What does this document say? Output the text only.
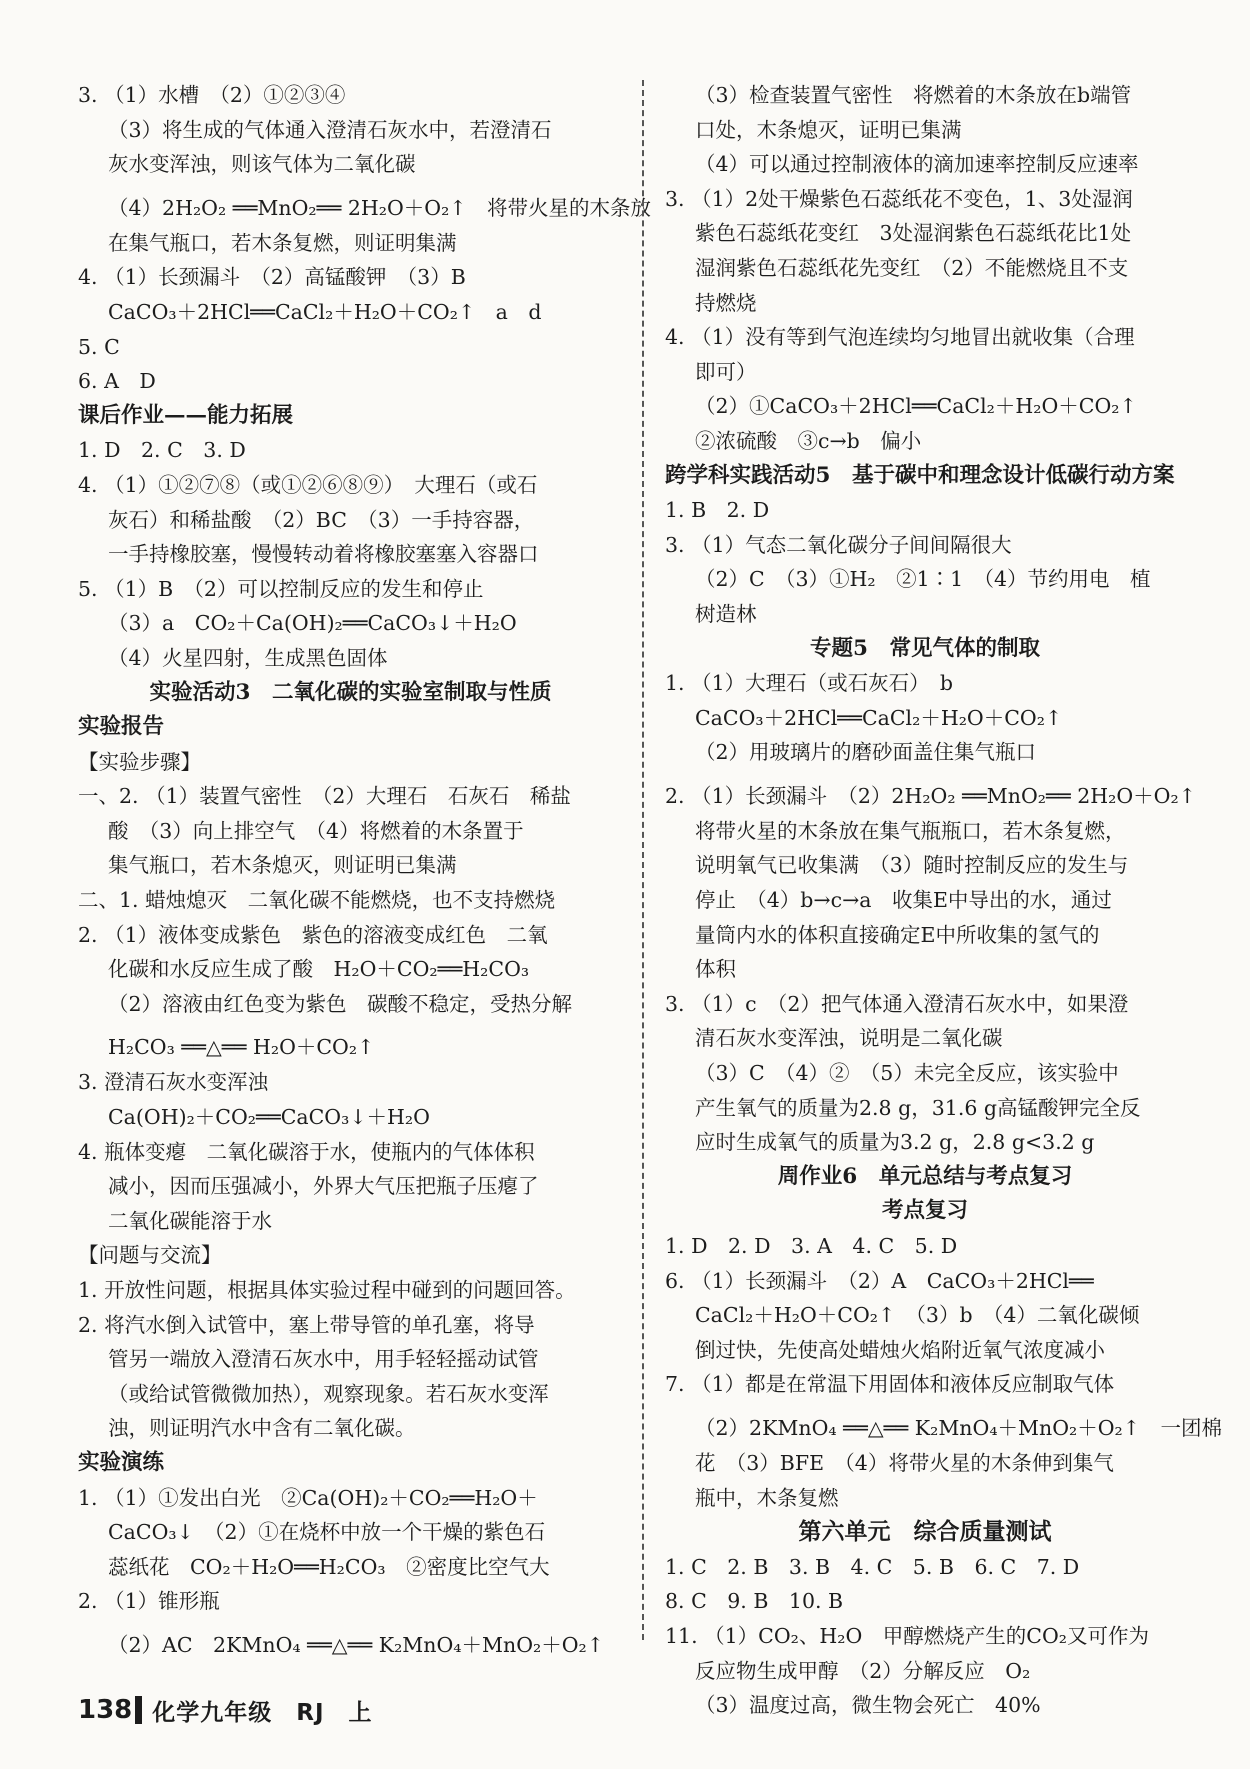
3. （1）水槽　（2）①②③④
（3）将生成的气体通入澄清石灰水中，若澄清石
灰水变浑浊，则该气体为二氧化碳
（4）2H₂O₂ ══MnO₂══ 2H₂O＋O₂↑　将带火星的木条放
在集气瓶口，若木条复燃，则证明集满
4. （1）长颈漏斗　（2）高锰酸钾　（3）B
CaCO₃＋2HCl══CaCl₂＋H₂O＋CO₂↑　a　d
5. C
6. A　D
课后作业——能力拓展
1. D　2. C　3. D
4. （1）①②⑦⑧（或①②⑥⑧⑨）　大理石（或石
灰石）和稀盐酸　（2）BC　（3）一手持容器，
一手持橡胶塞，慢慢转动着将橡胶塞塞入容器口
5. （1）B　（2）可以控制反应的发生和停止
（3）a　CO₂＋Ca(OH)₂══CaCO₃↓＋H₂O
（4）火星四射，生成黑色固体
实验活动3　二氧化碳的实验室制取与性质
实验报告
【实验步骤】
一、2. （1）装置气密性　（2）大理石　石灰石　稀盐
酸　（3）向上排空气　（4）将燃着的木条置于
集气瓶口，若木条熄灭，则证明已集满
二、1. 蜡烛熄灭　二氧化碳不能燃烧，也不支持燃烧
2. （1）液体变成紫色　紫色的溶液变成红色　二氧
化碳和水反应生成了酸　H₂O＋CO₂══H₂CO₃
（2）溶液由红色变为紫色　碳酸不稳定，受热分解
H₂CO₃ ══△══ H₂O＋CO₂↑
3. 澄清石灰水变浑浊
Ca(OH)₂＋CO₂══CaCO₃↓＋H₂O
4. 瓶体变瘪　二氧化碳溶于水，使瓶内的气体体积
减小，因而压强减小，外界大气压把瓶子压瘪了
二氧化碳能溶于水
【问题与交流】
1. 开放性问题，根据具体实验过程中碰到的问题回答。
2. 将汽水倒入试管中，塞上带导管的单孔塞，将导
管另一端放入澄清石灰水中，用手轻轻摇动试管
（或给试管微微加热），观察现象。若石灰水变浑
浊，则证明汽水中含有二氧化碳。
实验演练
1. （1）①发出白光　②Ca(OH)₂＋CO₂══H₂O＋
CaCO₃↓　（2）①在烧杯中放一个干燥的紫色石
蕊纸花　CO₂＋H₂O══H₂CO₃　②密度比空气大
2. （1）锥形瓶
（2）AC　2KMnO₄ ══△══ K₂MnO₄＋MnO₂＋O₂↑
（3）检查装置气密性　将燃着的木条放在b端管
口处，木条熄灭，证明已集满
（4）可以通过控制液体的滴加速率控制反应速率
3. （1）2处干燥紫色石蕊纸花不变色，1、3处湿润
紫色石蕊纸花变红　3处湿润紫色石蕊纸花比1处
湿润紫色石蕊纸花先变红　（2）不能燃烧且不支
持燃烧
4. （1）没有等到气泡连续均匀地冒出就收集（合理
即可）
（2）①CaCO₃＋2HCl══CaCl₂＋H₂O＋CO₂↑
②浓硫酸　③c→b　偏小
跨学科实践活动5　基于碳中和理念设计低碳行动方案
1. B　2. D
3. （1）气态二氧化碳分子间间隔很大
（2）C　（3）①H₂　②1∶1　（4）节约用电　植
树造林
专题5　常见气体的制取
1. （1）大理石（或石灰石）　b
CaCO₃＋2HCl══CaCl₂＋H₂O＋CO₂↑
（2）用玻璃片的磨砂面盖住集气瓶口
2. （1）长颈漏斗　（2）2H₂O₂ ══MnO₂══ 2H₂O＋O₂↑
将带火星的木条放在集气瓶瓶口，若木条复燃，
说明氧气已收集满　（3）随时控制反应的发生与
停止　（4）b→c→a　收集E中导出的水，通过
量筒内水的体积直接确定E中所收集的氢气的
体积
3. （1）c　（2）把气体通入澄清石灰水中，如果澄
清石灰水变浑浊，说明是二氧化碳
（3）C　（4）②　（5）未完全反应，该实验中
产生氧气的质量为2.8 g，31.6 g高锰酸钾完全反
应时生成氧气的质量为3.2 g，2.8 g<3.2 g
周作业6　单元总结与考点复习
考点复习
1. D　2. D　3. A　4. C　5. D
6. （1）长颈漏斗　（2）A　CaCO₃＋2HCl══
CaCl₂＋H₂O＋CO₂↑　（3）b　（4）二氧化碳倾
倒过快，先使高处蜡烛火焰附近氧气浓度减小
7. （1）都是在常温下用固体和液体反应制取气体
（2）2KMnO₄ ══△══ K₂MnO₄＋MnO₂＋O₂↑　一团棉
花　（3）BFE　（4）将带火星的木条伸到集气
瓶中，木条复燃
第六单元　综合质量测试
1. C　2. B　3. B　4. C　5. B　6. C　7. D
8. C　9. B　10. B
11. （1）CO₂、H₂O　甲醇燃烧产生的CO₂又可作为
反应物生成甲醇　（2）分解反应　O₂
（3）温度过高，微生物会死亡　40%
138 化学九年级　RJ　上
